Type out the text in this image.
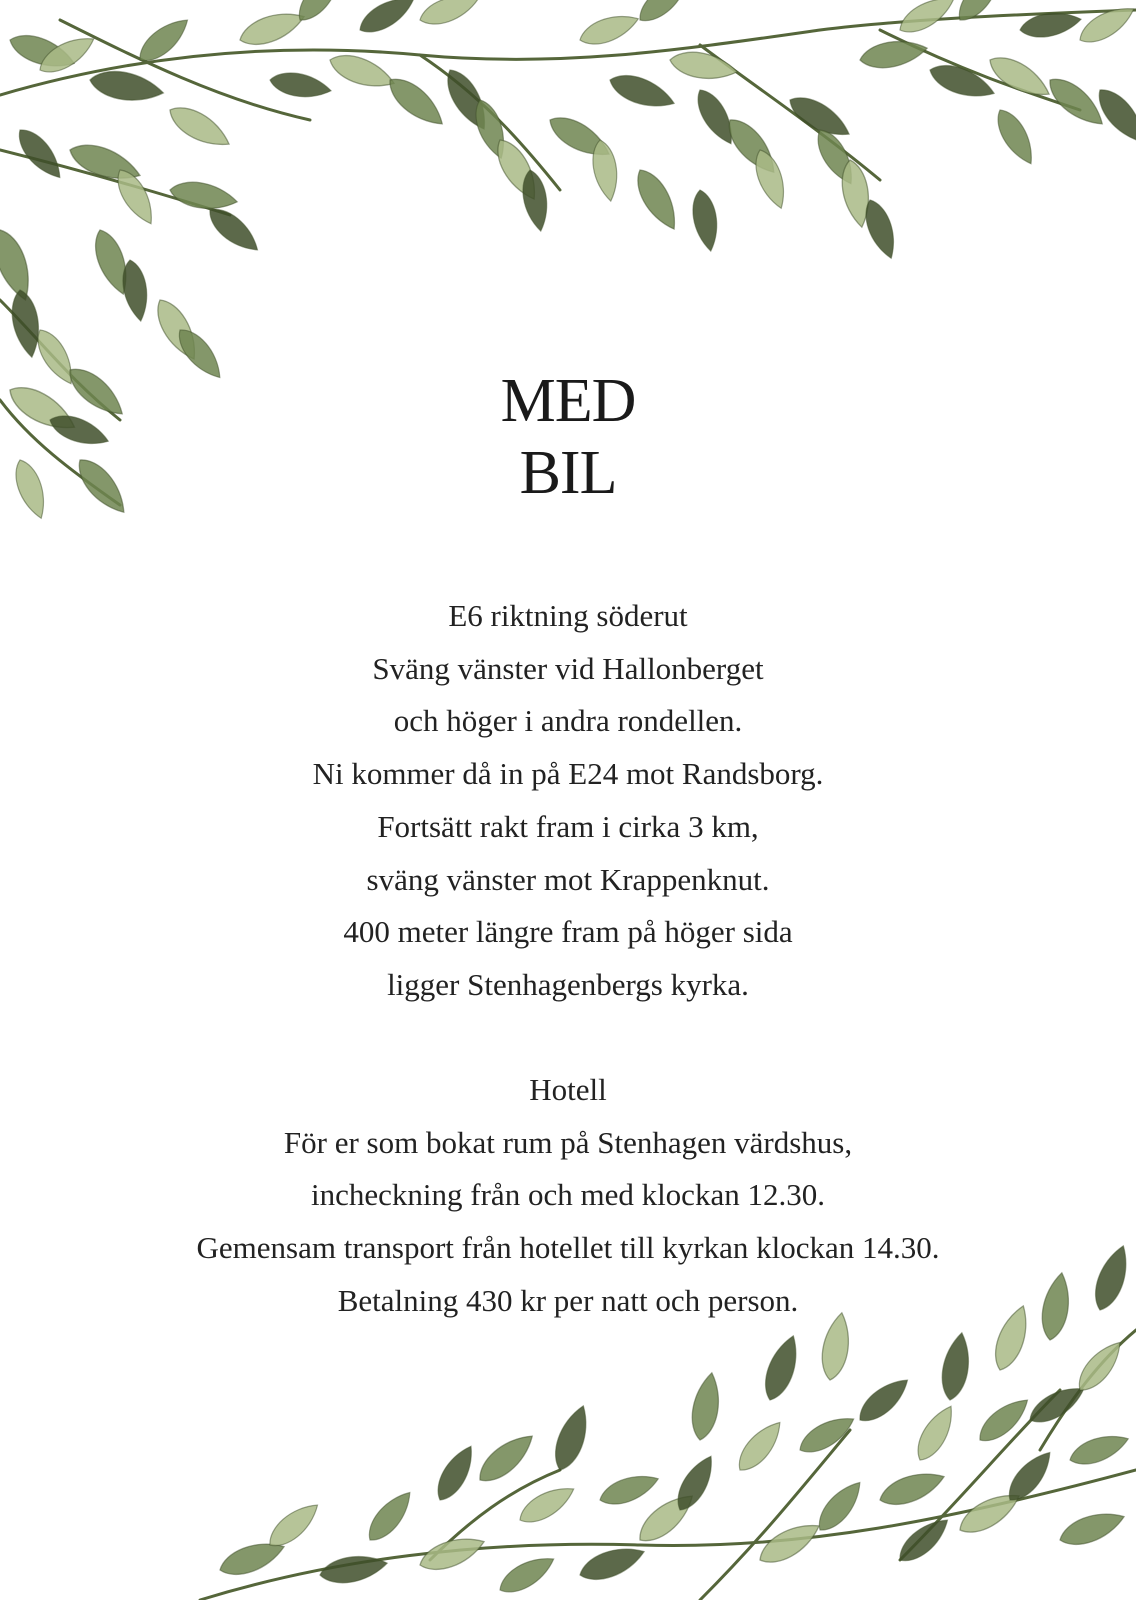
MED
BIL
E6 riktning söderut
Sväng vänster vid Hallonberget
och höger i andra rondellen.
Ni kommer då in på E24 mot Randsborg.
Fortsätt rakt fram i cirka 3 km,
sväng vänster mot Krappenknut.
400 meter längre fram på höger sida
ligger Stenhagenbergs kyrka.
Hotell
För er som bokat rum på Stenhagen värdshus,
incheckning från och med klockan 12.30.
Gemensam transport från hotellet till kyrkan klockan 14.30.
Betalning 430 kr per natt och person.
